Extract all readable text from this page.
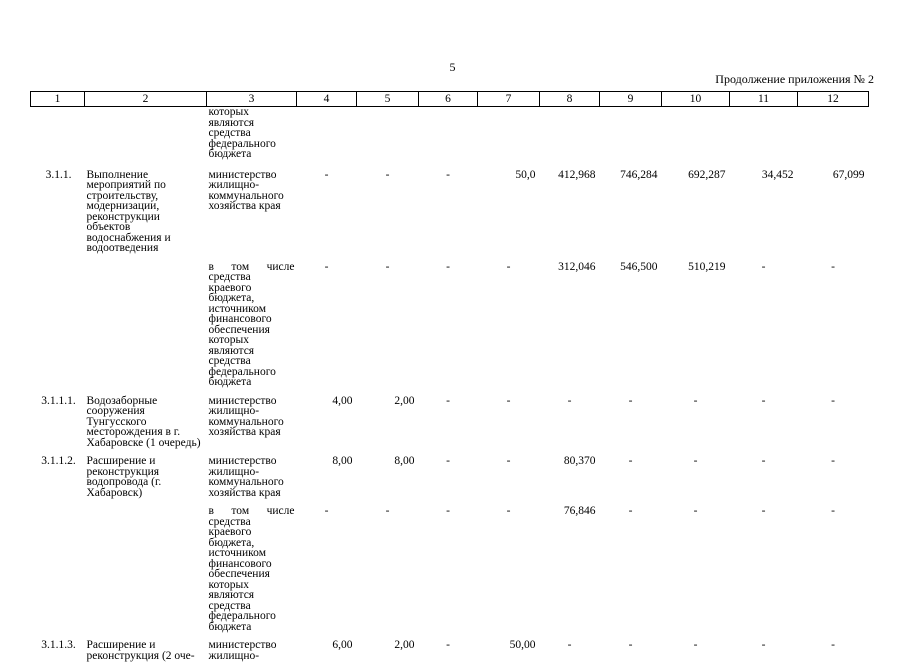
5
Продолжение приложения № 2
1	2	3	4	5	6	7	8	9	10	11	12
		которых являются средства федерального бюджета									
3.1.1.	Выполнение мероприятий по строительству, модернизации, реконструкции объектов водоснабжения и водоотведения	министерство жилищно-коммунального хозяйства края	-	-	-	50,0	412,968	746,284	692,287	34,452	67,099
		в том числе средства краевого бюджета, источником финансового обеспечения которых являются средства федерального бюджета	-	-	-	-	312,046	546,500	510,219	-	-
3.1.1.1.	Водозаборные сооружения Тунгусского месторождения в г. Хабаровске (1 очередь)	министерство жилищно-коммунального хозяйства края	4,00	2,00	-	-	-	-	-	-	-
3.1.1.2.	Расширение и реконструкция водопровода (г. Хабаровск)	министерство жилищно-коммунального хозяйства края	8,00	8,00	-	-	80,370	-	-	-	-
		в том числе средства краевого бюджета, источником финансового обеспечения которых являются средства федерального бюджета	-	-	-	-	76,846	-	-	-	-
3.1.1.3.	Расширение и реконструкция (2 оче-	министерство жилищно-	6,00	2,00	-	50,00	-	-	-	-	-
